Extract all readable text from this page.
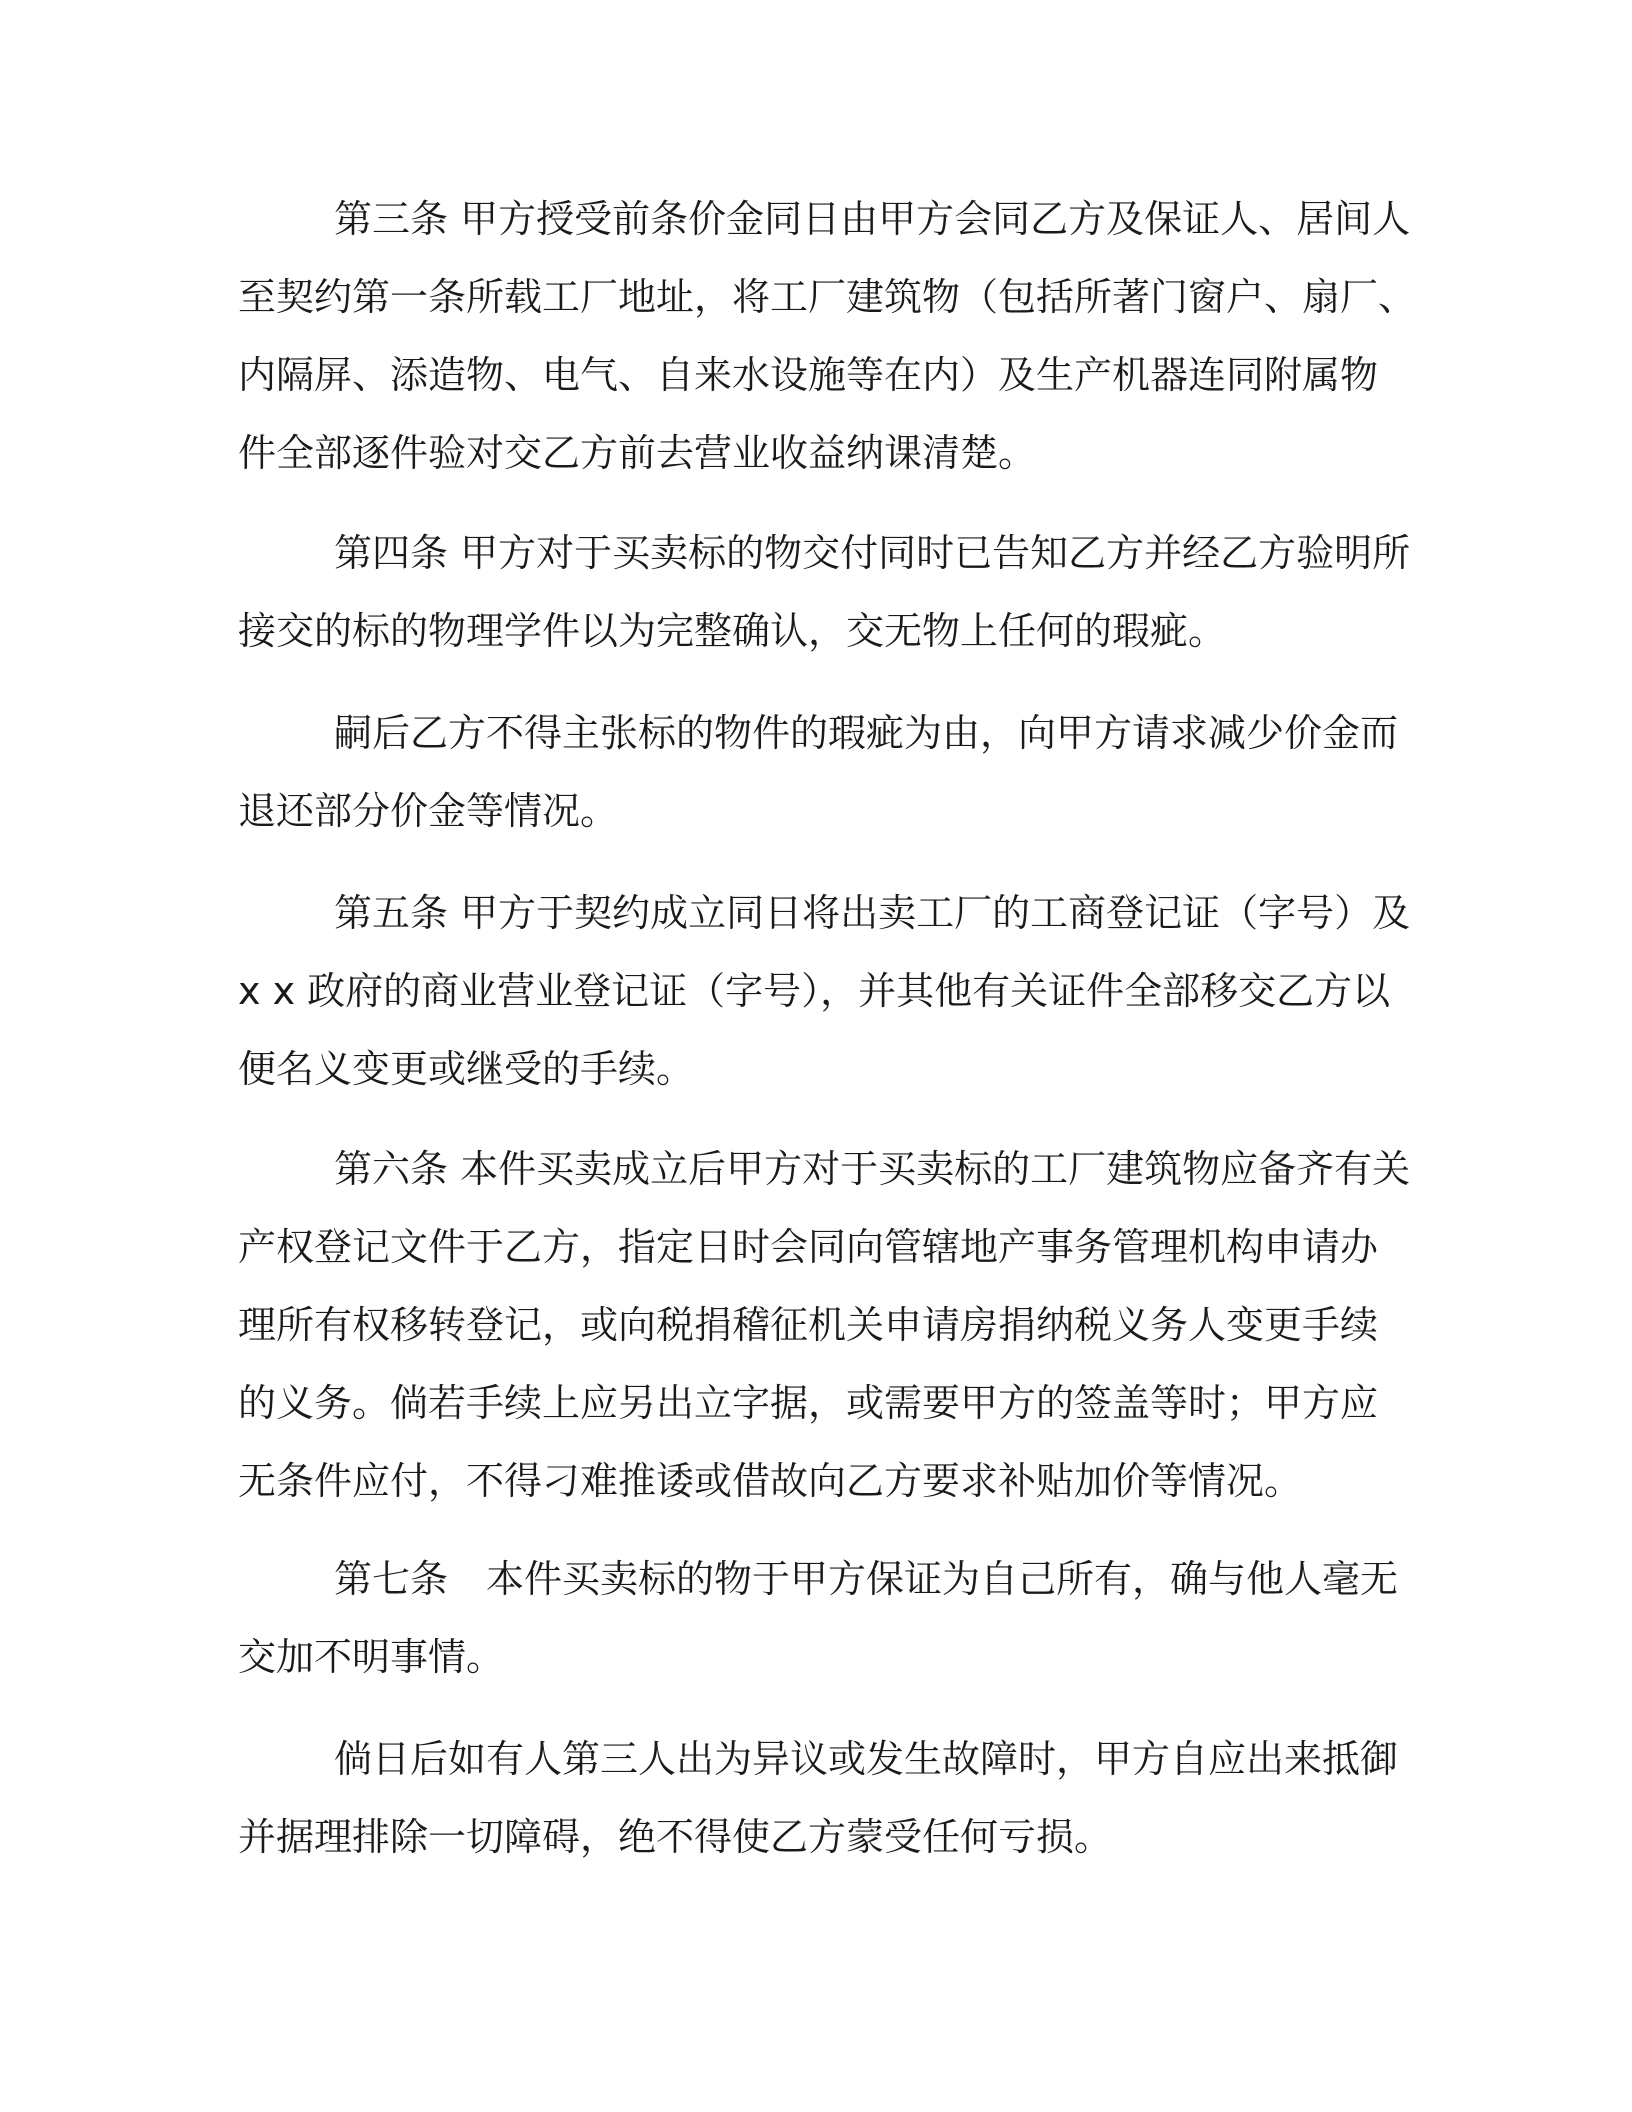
第三条 甲方授受前条价金同日由甲方会同乙方及保证人、居间人
至契约第一条所载工厂地址，将工厂建筑物（包括所著门窗户、扇厂、
内隔屏、添造物、电气、自来水设施等在内）及生产机器连同附属物
件全部逐件验对交乙方前去营业收益纳课清楚。
第四条 甲方对于买卖标的物交付同时已告知乙方并经乙方验明所
接交的标的物理学件以为完整确认，交无物上任何的瑕疵。
嗣后乙方不得主张标的物件的瑕疵为由，向甲方请求减少价金而
退还部分价金等情况。
第五条 甲方于契约成立同日将出卖工厂的工商登记证（字号）及
x x 政府的商业营业登记证（字号），并其他有关证件全部移交乙方以
便名义变更或继受的手续。
第六条 本件买卖成立后甲方对于买卖标的工厂建筑物应备齐有关
产权登记文件于乙方，指定日时会同向管辖地产事务管理机构申请办
理所有权移转登记，或向税捐稽征机关申请房捐纳税义务人变更手续
的义务。倘若手续上应另出立字据，或需要甲方的签盖等时；甲方应
无条件应付，不得刁难推诿或借故向乙方要求补贴加价等情况。
第七条　本件买卖标的物于甲方保证为自己所有，确与他人毫无
交加不明事情。
倘日后如有人第三人出为异议或发生故障时，甲方自应出来抵御
并据理排除一切障碍，绝不得使乙方蒙受任何亏损。
